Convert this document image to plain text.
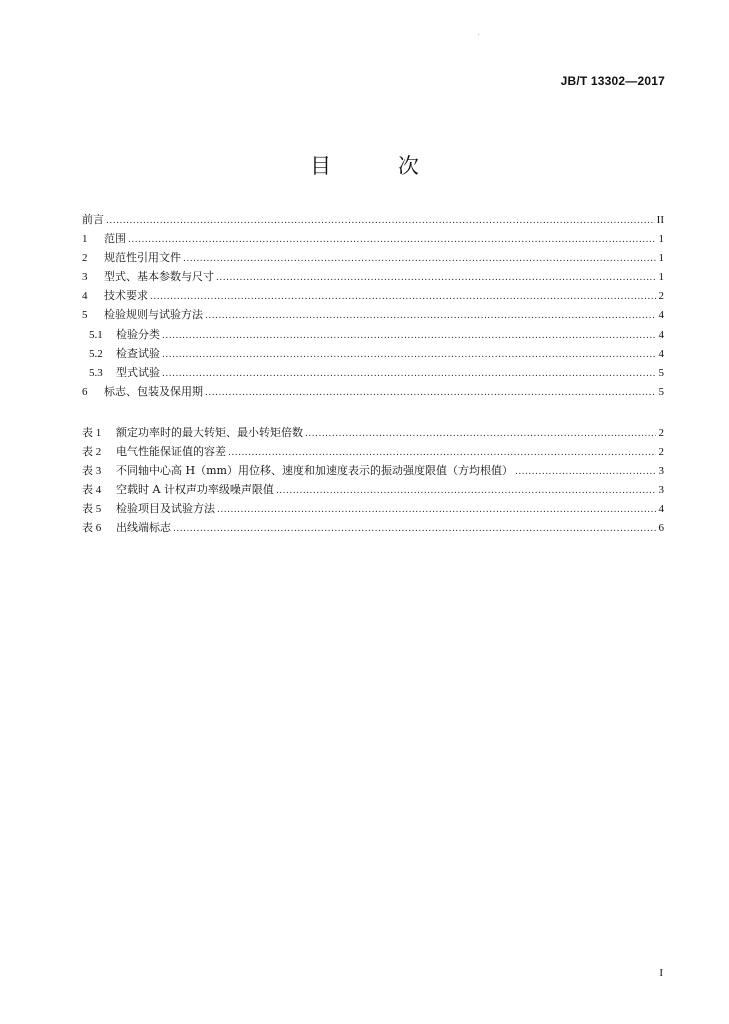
JB/T 13302—2017
目 次
前言 .....	II
1	范围 .....	1
2	规范性引用文件 .....	1
3	型式、基本参数与尺寸 .....	1
4	技术要求 .....	2
5	检验规则与试验方法 .....	4
5.1	检验分类 .....	4
5.2	检查试验 .....	4
5.3	型式试验 .....	5
6	标志、包装及保用期 .....	5
表 1	额定功率时的最大转矩、最小转矩倍数 .....	2
表 2	电气性能保证值的容差 .....	2
表 3	不同轴中心高 H（mm）用位移、速度和加速度表示的振动强度限值（方均根值） .....	3
表 4	空载时 A 计权声功率级噪声限值 .....	3
表 5	检验项目及试验方法 .....	4
表 6	出线端标志 .....	6
I
